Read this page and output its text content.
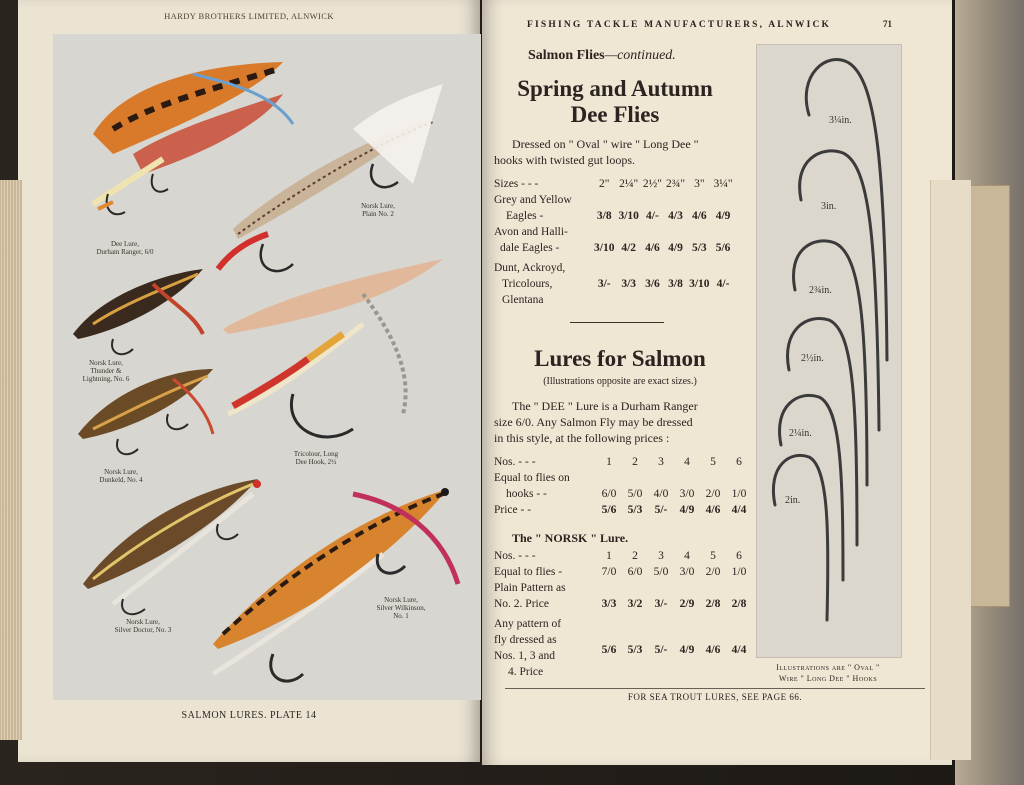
HARDY BROTHERS LIMITED, ALNWICK
Dee Lure,
Durham Ranger, 6/0
Norsk Lure,
Plain No. 2
Norsk Lure,
Thunder &
Lightning, No. 6
Tricolour, Long
Dee Hook, 2½
Norsk Lure,
Dunkeld, No. 4
Norsk Lure,
Silver Doctor, No. 3
Norsk Lure,
Silver Wilkinson,
No. 1
SALMON LURES. PLATE 14
FISHING TACKLE MANUFACTURERS, ALNWICK	71
Salmon Flies—continued.
Spring and Autumn
Dee Flies
Dressed on " Oval " wire " Long Dee "
hooks with twisted gut loops.
Sizes - - -	2"	2¼"	2½"	2¾"	3"	3¼"
Grey and Yellow						
Eagles -	3/8	3/10	4/-	4/3	4/6	4/9
Avon and Halli-						
dale Eagles -	3/10	4/2	4/6	4/9	5/3	5/6
Dunt, Ackroyd,						
Tricolours,	3/-	3/3	3/6	3/8	3/10	4/-
Glentana						
Lures for Salmon
(Illustrations opposite are exact sizes.)
The " DEE " Lure is a Durham Ranger
size 6/0. Any Salmon Fly may be dressed
in this style, at the following prices :
Nos. - - -	1	2	3	4	5	6
Equal to flies on						
hooks - -	6/0	5/0	4/0	3/0	2/0	1/0
Price - -	5/6	5/3	5/-	4/9	4/6	4/4
The " NORSK " Lure.
Nos. - - -	1	2	3	4	5	6
Equal to flies -	7/0	6/0	5/0	3/0	2/0	1/0
Plain Pattern as						
No. 2. Price	3/3	3/2	3/-	2/9	2/8	2/8
Any pattern of						
fly dressed as	5/6	5/3	5/-	4/9	4/6	4/4
Nos. 1, 3 and						
4. Price						
3¼in.
3in.
2¾in.
2½in.
2¼in.
2in.
Illustrations are " Oval "
Wire " Long Dee " Hooks
FOR SEA TROUT LURES, SEE PAGE 66.
